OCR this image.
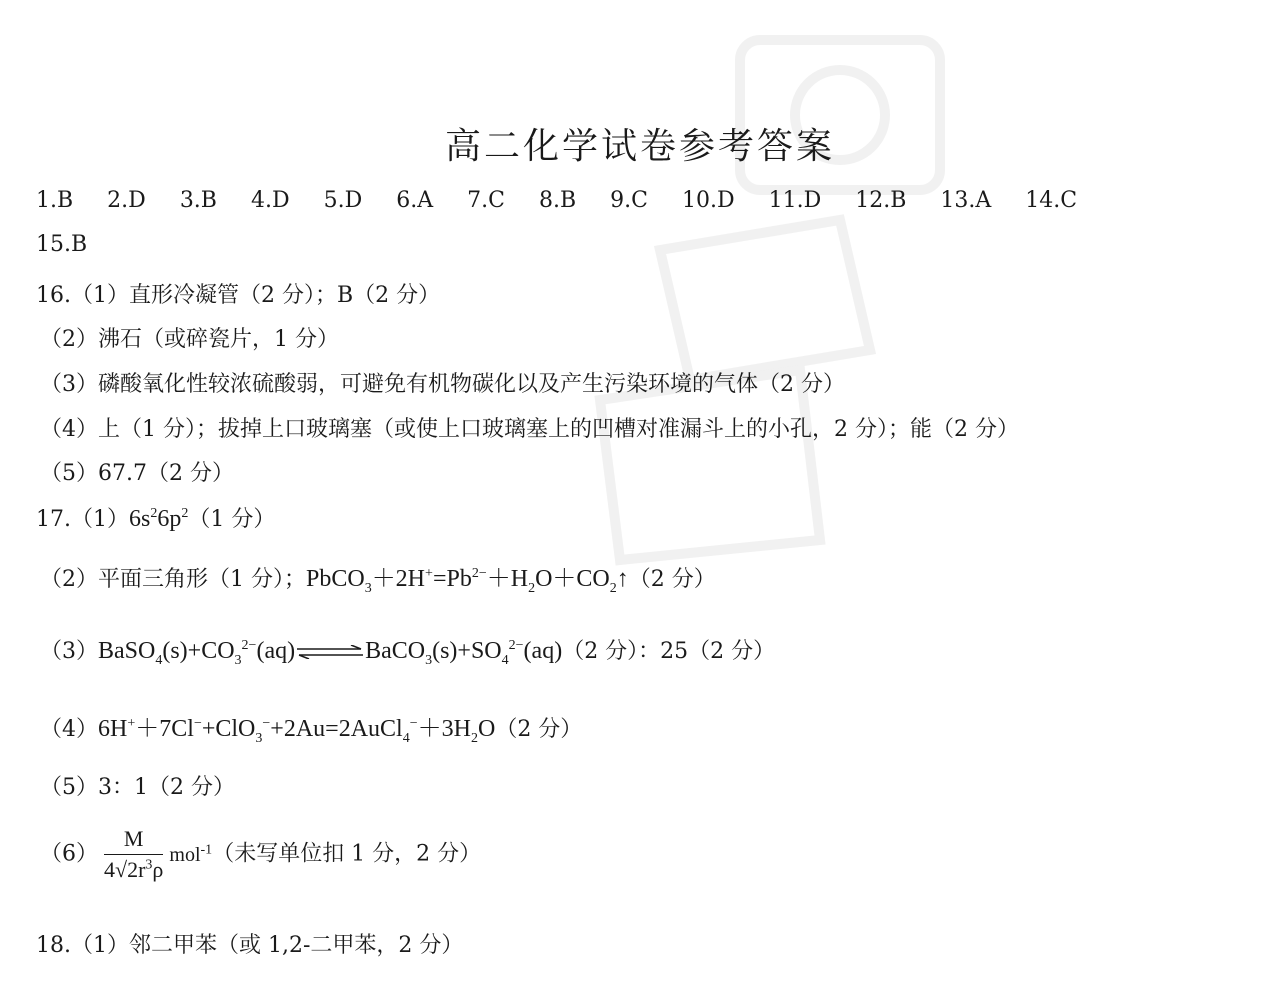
高二化学试卷参考答案
1.B 2.D 3.B 4.D 5.D 6.A 7.C 8.B 9.C 10.D 11.D 12.B 13.A 14.C
15.B
16.（1）直形冷凝管（2 分）；B（2 分）
（2）沸石（或碎瓷片，1 分）
（3）磷酸氧化性较浓硫酸弱，可避免有机物碳化以及产生污染环境的气体（2 分）
（4）上（1 分）；拔掉上口玻璃塞（或使上口玻璃塞上的凹槽对准漏斗上的小孔，2 分）；能（2 分）
（5）67.7（2 分）
$17.(1)6s^26p^2(1$ 分）
（2）平面三角形（1 分）；$PbCO_3+2H^+=Pb^{2-}+H_2O+CO_2↑(2$ 分）
$(3)BaSO_4(s)+CO_3^{2-}(aq)\rightleftharpoons BaCO_3(s)+SO_4^{2-}(aq)(2$ 分）：25（2 分）
$(4)6H^++7Cl^-+ClO_3^-+2Au=2AuCl_4^-+3H_2O(2$ 分）
（5）3：1（2 分）
$(6) \frac{M}{4√2r^3\rho} mol^{-1}$（未写单位扣 1 分，2 分）
18.（1）邻二甲苯（或 1,2-二甲苯，2 分）
